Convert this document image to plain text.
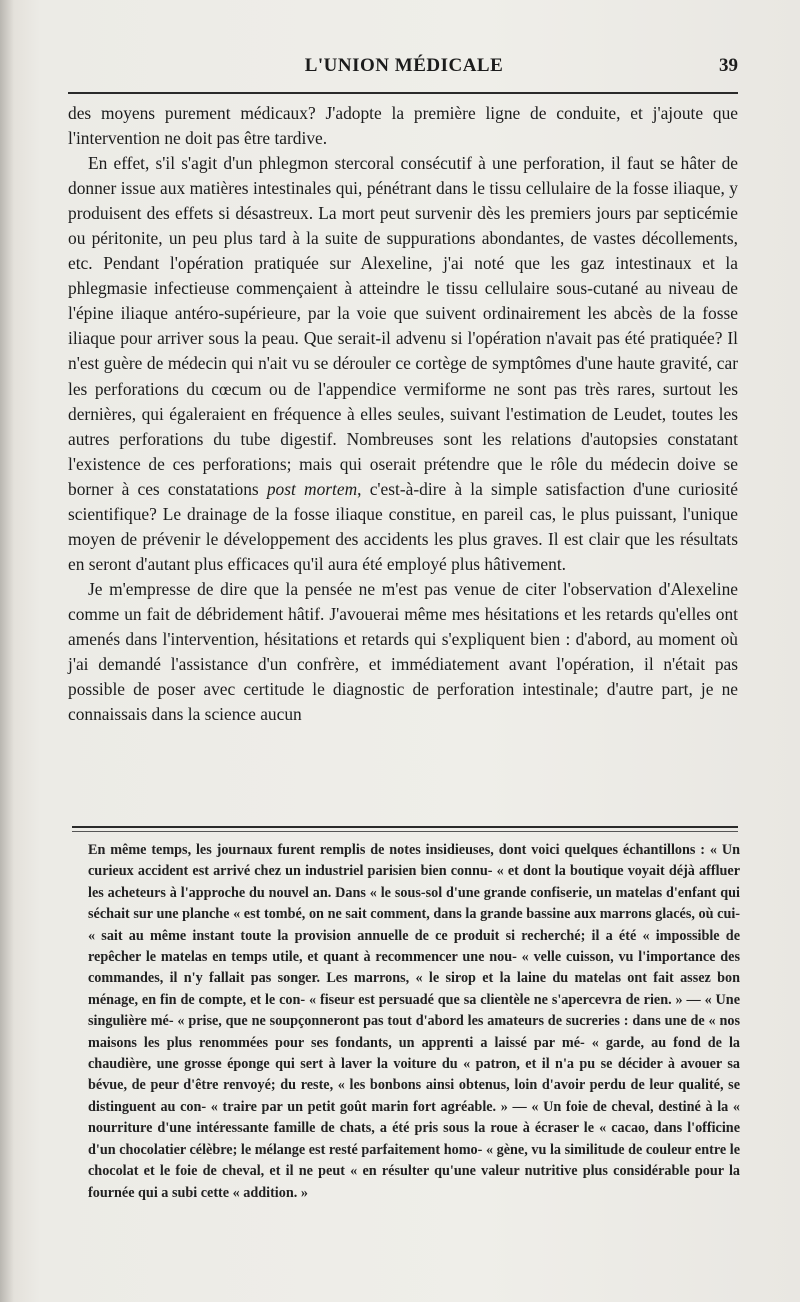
L'UNION MÉDICALE	39

des moyens purement médicaux? J'adopte la première ligne de conduite, et j'ajoute que l'intervention ne doit pas être tardive.

En effet, s'il s'agit d'un phlegmon stercoral consécutif à une perforation, il faut se hâter de donner issue aux matières intestinales qui, pénétrant dans le tissu cellulaire de la fosse iliaque, y produisent des effets si désastreux. La mort peut survenir dès les premiers jours par septicémie ou péritonite, un peu plus tard à la suite de suppurations abondantes, de vastes décollements, etc. Pendant l'opération pratiquée sur Alexeline, j'ai noté que les gaz intestinaux et la phlegmasie infectieuse commençaient à atteindre le tissu cellulaire sous-cutané au niveau de l'épine iliaque antéro-supérieure, par la voie que suivent ordinairement les abcès de la fosse iliaque pour arriver sous la peau. Que serait-il advenu si l'opération n'avait pas été pratiquée? Il n'est guère de médecin qui n'ait vu se dérouler ce cortège de symptômes d'une haute gravité, car les perforations du cœcum ou de l'appendice vermiforme ne sont pas très rares, surtout les dernières, qui égaleraient en fréquence à elles seules, suivant l'estimation de Leudet, toutes les autres perforations du tube digestif. Nombreuses sont les relations d'autopsies constatant l'existence de ces perforations; mais qui oserait prétendre que le rôle du médecin doive se borner à ces constatations post mortem, c'est-à-dire à la simple satisfaction d'une curiosité scientifique? Le drainage de la fosse iliaque constitue, en pareil cas, le plus puissant, l'unique moyen de prévenir le développement des accidents les plus graves. Il est clair que les résultats en seront d'autant plus efficaces qu'il aura été employé plus hâtivement.

Je m'empresse de dire que la pensée ne m'est pas venue de citer l'observation d'Alexeline comme un fait de débridement hâtif. J'avouerai même mes hésitations et les retards qu'elles ont amenés dans l'intervention, hésitations et retards qui s'expliquent bien : d'abord, au moment où j'ai demandé l'assistance d'un confrère, et immédiatement avant l'opération, il n'était pas possible de poser avec certitude le diagnostic de perforation intestinale; d'autre part, je ne connaissais dans la science aucun

En même temps, les journaux furent remplis de notes insidieuses, dont voici quelques échantillons : « Un curieux accident est arrivé chez un industriel parisien bien connu- « et dont la boutique voyait déjà affluer les acheteurs à l'approche du nouvel an. Dans « le sous-sol d'une grande confiserie, un matelas d'enfant qui séchait sur une planche « est tombé, on ne sait comment, dans la grande bassine aux marrons glacés, où cui- « sait au même instant toute la provision annuelle de ce produit si recherché; il a été « impossible de repêcher le matelas en temps utile, et quant à recommencer une nou- « velle cuisson, vu l'importance des commandes, il n'y fallait pas songer. Les marrons, « le sirop et la laine du matelas ont fait assez bon ménage, en fin de compte, et le con- « fiseur est persuadé que sa clientèle ne s'apercevra de rien. » — « Une singulière mé- « prise, que ne soupçonneront pas tout d'abord les amateurs de sucreries : dans une de « nos maisons les plus renommées pour ses fondants, un apprenti a laissé par mé- « garde, au fond de la chaudière, une grosse éponge qui sert à laver la voiture du « patron, et il n'a pu se décider à avouer sa bévue, de peur d'être renvoyé; du reste, « les bonbons ainsi obtenus, loin d'avoir perdu de leur qualité, se distinguent au con- « traire par un petit goût marin fort agréable. » — « Un foie de cheval, destiné à la « nourriture d'une intéressante famille de chats, a été pris sous la roue à écraser le « cacao, dans l'officine d'un chocolatier célèbre; le mélange est resté parfaitement homo- « gène, vu la similitude de couleur entre le chocolat et le foie de cheval, et il ne peut « en résulter qu'une valeur nutritive plus considérable pour la fournée qui a subi cette « addition. »
